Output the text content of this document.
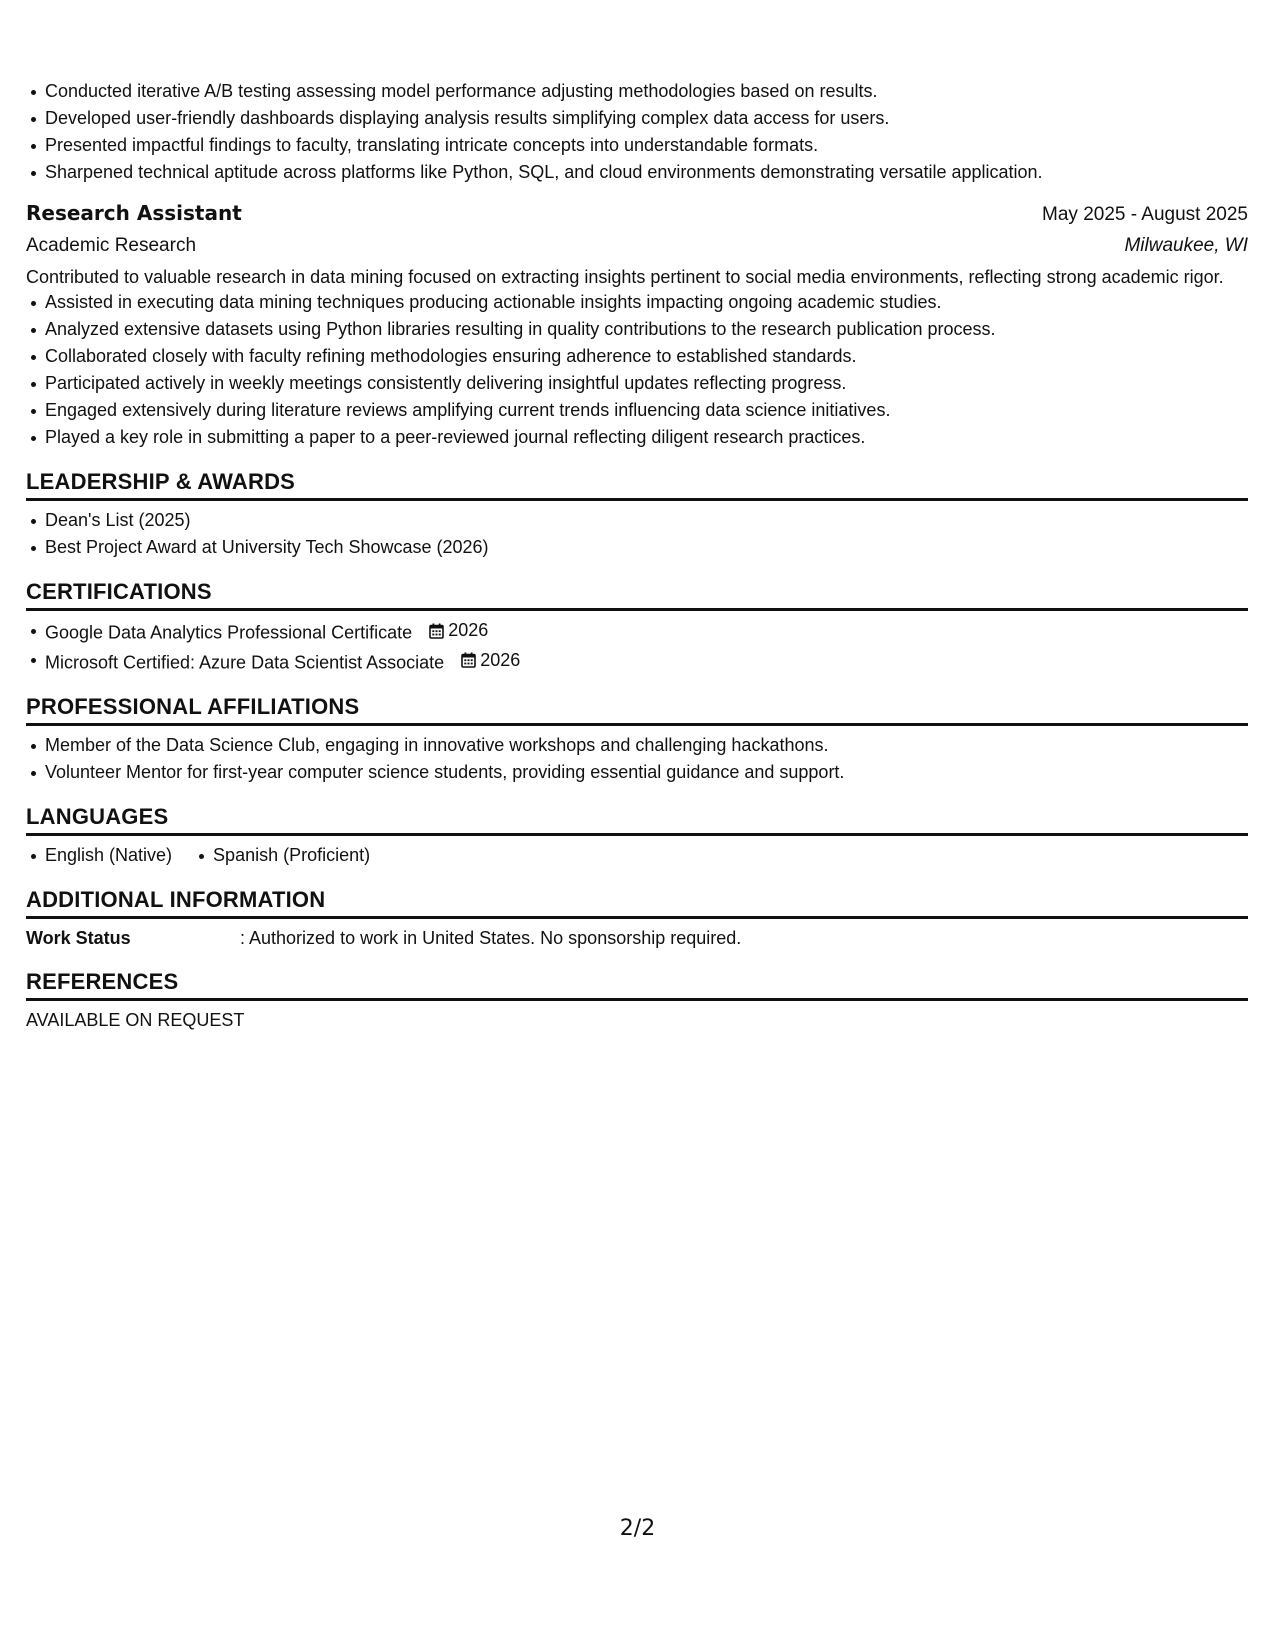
Conducted iterative A/B testing assessing model performance adjusting methodologies based on results.
Developed user-friendly dashboards displaying analysis results simplifying complex data access for users.
Presented impactful findings to faculty, translating intricate concepts into understandable formats.
Sharpened technical aptitude across platforms like Python, SQL, and cloud environments demonstrating versatile application.
Research Assistant	May 2025 - August 2025
Academic Research	Milwaukee, WI
Contributed to valuable research in data mining focused on extracting insights pertinent to social media environments, reflecting strong academic rigor.
Assisted in executing data mining techniques producing actionable insights impacting ongoing academic studies.
Analyzed extensive datasets using Python libraries resulting in quality contributions to the research publication process.
Collaborated closely with faculty refining methodologies ensuring adherence to established standards.
Participated actively in weekly meetings consistently delivering insightful updates reflecting progress.
Engaged extensively during literature reviews amplifying current trends influencing data science initiatives.
Played a key role in submitting a paper to a peer-reviewed journal reflecting diligent research practices.
LEADERSHIP & AWARDS
Dean's List (2025)
Best Project Award at University Tech Showcase (2026)
CERTIFICATIONS
Google Data Analytics Professional Certificate 2026
Microsoft Certified: Azure Data Scientist Associate 2026
PROFESSIONAL AFFILIATIONS
Member of the Data Science Club, engaging in innovative workshops and challenging hackathons.
Volunteer Mentor for first-year computer science students, providing essential guidance and support.
LANGUAGES
English (Native) Spanish (Proficient)
ADDITIONAL INFORMATION
Work Status	: Authorized to work in United States. No sponsorship required.
REFERENCES
AVAILABLE ON REQUEST
2/2
